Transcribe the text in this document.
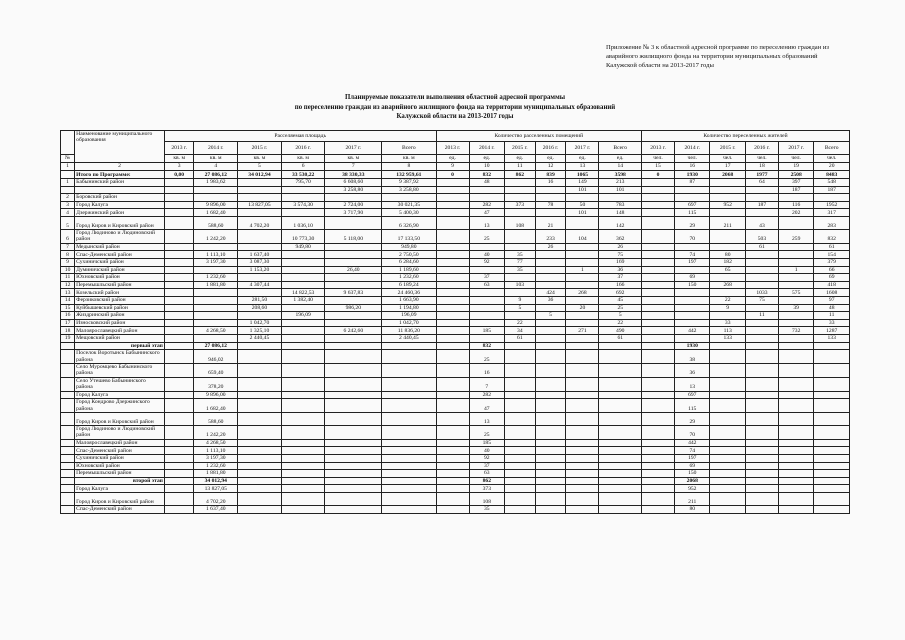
Приложение № 3 к областной адресной программе по переселению граждан из
аварийного жилищного фонда на территории муниципальных образований
Калужской области на 2013-2017 годы
Планируемые показатели выполнения областной адресной программы
по переселению граждан из аварийного жилищного фонда на территории муниципальных образований
Калужской области на 2013-2017 годы
	Наименование муниципального образования	Расселяемая площадь						Количество расселенных помещений						Количество переселенных жителей					
		2013 г.	2014 г.	2015 г.	2016 г.	2017 г.	Всего	2013 г.	2014 г.	2015 г.	2016 г.	2017 г.	Всего	2013 г.	2014 г.	2015 г.	2016 г.	2017 г.	Всего
№		кв. м	кв. м	кв. м	кв. м	кв. м	кв. м	ед.	ед.	ед.	ед.	ед.	ед.	чел.	чел.	чел.	чел.	чел.	чел.
1	2	3	4	5	6	7	8	9	10	11	12	13	14	15	16	17	18	19	20
	Итого по Программе:	0,00	27 086,12	34 012,94	33 530,22	38 330,33	132 959,61	0	832	862	839	1065	3598	0	1930	2068	1977	2508	8483
1	Бабынинский район		1 983,62		795,70	6 608,60	9 387,92		48		16	149	213		87		64	397	548
						3 258,80	3 258,80					101	101					187	187
2	Боровский район																		
3	Город Калуга		9 896,00	13 827,05	3 574,30	2 724,00	30 021,35		282	373	78	50	783		697	952	187	116	1952
4	Дзержинский район		1 682,40			3 717,90	5 400,30		47			101	148		115			202	317
5	Город Киров и Кировский район		588,60	4 702,20	1 036,10		6 326,90		13	108	21		142		29	211	43		283
6	Город Людиново и Людиновский район		1 242,20		10 773,30	5 118,00	17 133,50		25		233	104	362		70		503	259	832
7	Медынский район				949,80		949,80				26		26				61		61
8	Спас-Деменский район		1 113,10	1 637,40			2 750,50		40	35			75		74	80			154
9	Сухиничский район		3 197,30	3 087,30			6 284,60		92	77			169		197	182			379
10	Думиничский район			1 153,20		26,40	1 189,60			35		1	36			65		1	66
11	Юхновский район		1 232,60				1 232,60		37				37		69				69
12	Перемышльский район		1 881,80	4 307,44			6 189,24		63	103			166		150	268			418
13	Козельский район				14 822,53	9 637,83	24 460,36				424	268	692				1033	575	1608
14	Ферзиковский район			281,50	1 382,40		1 663,90			9	36		45			22	75		97
15	Куйбышевский район			208,60		986,20	1 194,80			5		20	25			9		39	48
16	Жиздринский район				196,09		196,09				5		5				11		11
17	Износковский район			1 042,70			1 042,70			22			22			33			33
18	Малоярославецкий район		4 268,50	1 325,10		6 242,60	11 836,20		185	34		271	490		442	113		732	1287
19	Мещовский район			2 440,45			2 440,45			61			61			133			133
	первый этап		27 086,12						832						1930				
	Поселок Воротынск Бабынинского района		946,02						25						38				
	Село Муромцево Бабынинского района		659,40						16						36				
	Село Утешево Бабынинского района		378,20						7						13				
	Город Калуга		9 896,00						282						697				
	Город Кондрово Дзержинского района		1 682,40						47						115				
	Город Киров и Кировский район		588,60						13						29				
	Город Людиново и Людиновский район		1 242,20						25						70				
	Малоярославецкий район		4 268,50						185						442				
	Спас-Деменский район		1 113,10						40						74				
	Сухиничский район		3 197,30						92						197				
	Юхновский район		1 232,60						37						69				
	Перемышльский район		1 881,80						63						150				
	второй этап		34 012,94						862						2068				
	Город Калуга		13 827,05						373						952				
	Город Киров и Кировский район		4 702,20						108						211				
	Спас-Деменский район		1 637,40						35						80				
